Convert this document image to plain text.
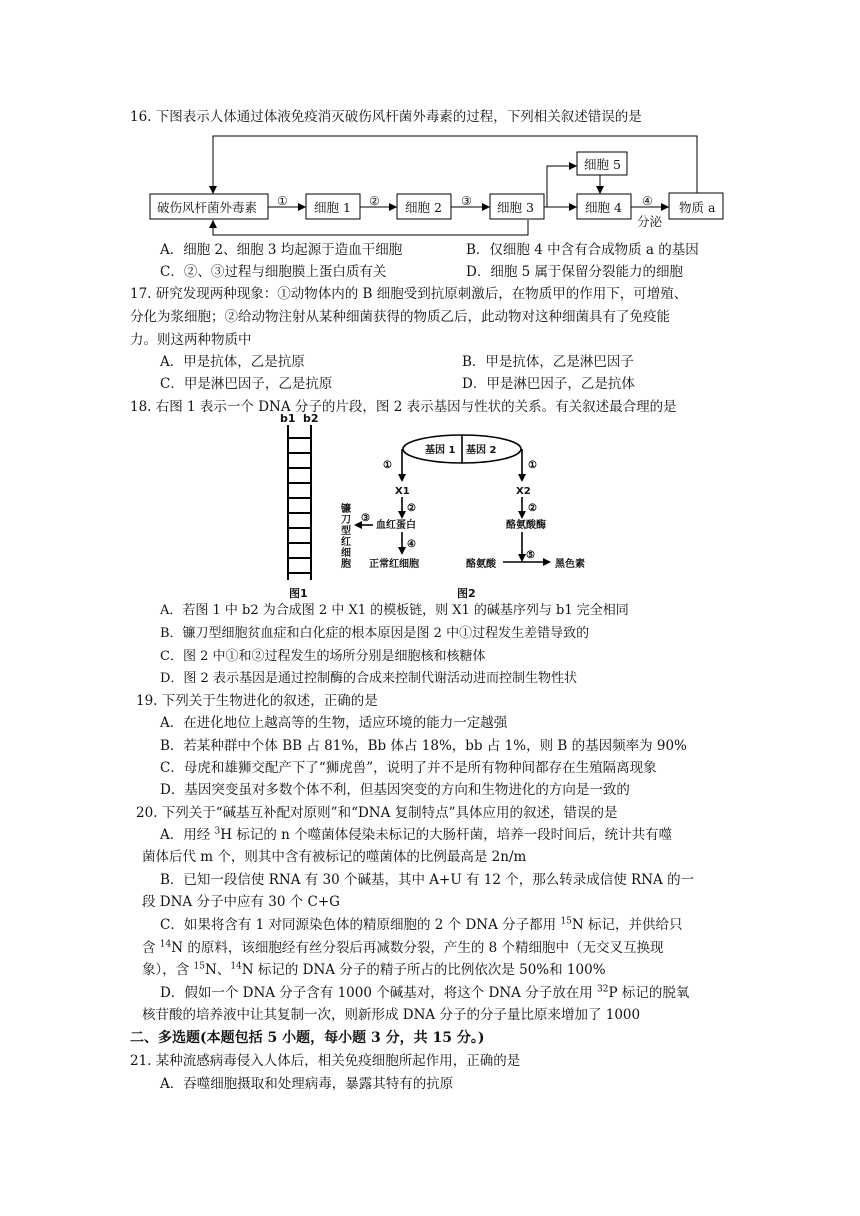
16. 下图表示人体通过体液免疫消灭破伤风杆菌外毒素的过程，下列相关叙述错误的是
破伤风杆菌外毒素	细胞 1	细胞 2	细胞 3
细胞 5
细胞 4	物质 a
分泌
①	②	③	④
A．细胞 2、细胞 3 均起源于造血干细胞	B．仅细胞 4 中含有合成物质 a 的基因
C．②、③过程与细胞膜上蛋白质有关	D．细胞 5 属于保留分裂能力的细胞
17. 研究发现两种现象：①动物体内的 B 细胞受到抗原刺激后，在物质甲的作用下，可增殖、
分化为浆细胞；②给动物注射从某种细菌获得的物质乙后，此动物对这种细菌具有了免疫能
力。则这两种物质中
A．甲是抗体，乙是抗原	B．甲是抗体，乙是淋巴因子
C．甲是淋巴因子，乙是抗原	D．甲是淋巴因子，乙是抗体
18. 右图 1 表示一个 DNA 分子的片段，图 2 表示基因与性状的关系。有关叙述最合理的是
b1 b2
图1
基因 1 基因 2
①	①
X1	X2
②	②
血红蛋白	酪氨酸酶
③
镰刀型红细胞
④
正常红细胞	酪氨酸
⑤
黑色素
图2
A．若图 1 中 b2 为合成图 2 中 X1 的模板链，则 X1 的碱基序列与 b1 完全相同
B．镰刀型细胞贫血症和白化症的根本原因是图 2 中①过程发生差错导致的
C．图 2 中①和②过程发生的场所分别是细胞核和核糖体
D．图 2 表示基因是通过控制酶的合成来控制代谢活动进而控制生物性状
19. 下列关于生物进化的叙述，正确的是
A．在进化地位上越高等的生物，适应环境的能力一定越强
B．若某种群中个体 BB 占 81%，Bb 体占 18%，bb 占 1%，则 B 的基因频率为 90%
C．母虎和雄狮交配产下了“狮虎兽”，说明了并不是所有物种间都存在生殖隔离现象
D．基因突变虽对多数个体不利，但基因突变的方向和生物进化的方向是一致的
20. 下列关于“碱基互补配对原则”和“DNA 复制特点”具体应用的叙述，错误的是
A．用经 $^3$H 标记的 n 个噬菌体侵染未标记的大肠杆菌，培养一段时间后，统计共有噬
菌体后代 m 个，则其中含有被标记的噬菌体的比例最高是 2n/m
B．已知一段信使 RNA 有 30 个碱基，其中 A+U 有 12 个，那么转录成信使 RNA 的一
段 DNA 分子中应有 30 个 C+G
C．如果将含有 1 对同源染色体的精原细胞的 2 个 DNA 分子都用 $^{15}$N 标记，并供给只
含 $^{14}$N 的原料，该细胞经有丝分裂后再减数分裂，产生的 8 个精细胞中（无交叉互换现
象），含 $^{15}$N、$^{14}$N 标记的 DNA 分子的精子所占的比例依次是 50%和 100%
D．假如一个 DNA 分子含有 1000 个碱基对，将这个 DNA 分子放在用 $^{32}$P 标记的脱氧
核苷酸的培养液中让其复制一次，则新形成 DNA 分子的分子量比原来增加了 1000
二、多选题(本题包括 5 小题，每小题 3 分，共 15 分。)
21. 某种流感病毒侵入人体后，相关免疫细胞所起作用，正确的是
A．吞噬细胞摄取和处理病毒，暴露其特有的抗原
